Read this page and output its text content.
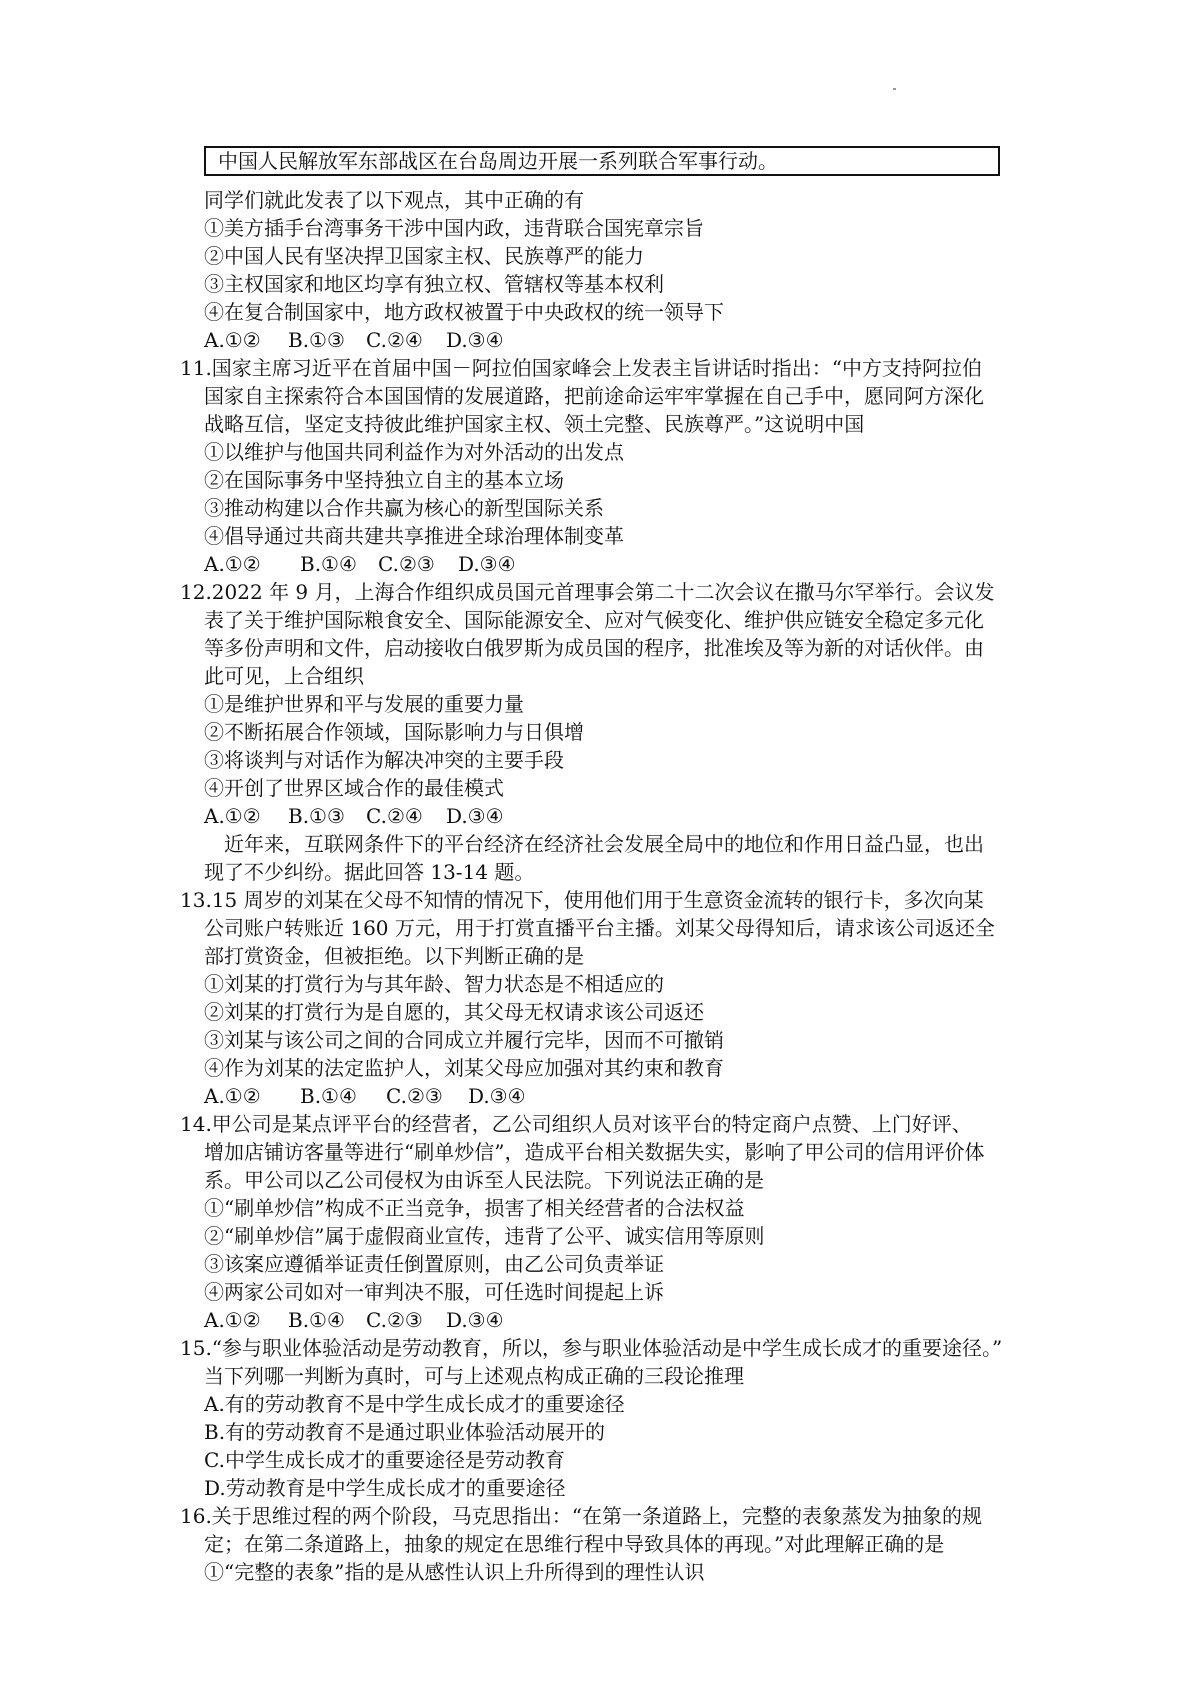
中国人民解放军东部战区在台岛周边开展一系列联合军事行动。
同学们就此发表了以下观点，其中正确的有
①美方插手台湾事务干涉中国内政，违背联合国宪章宗旨
②中国人民有坚决捍卫国家主权、民族尊严的能力
③主权国家和地区均享有独立权、管辖权等基本权利
④在复合制国家中，地方政权被置于中央政权的统一领导下
A.①② B.①③ C.②④ D.③④
11.国家主席习近平在首届中国－阿拉伯国家峰会上发表主旨讲话时指出：“中方支持阿拉伯
国家自主探索符合本国国情的发展道路，把前途命运牢牢掌握在自己手中，愿同阿方深化
战略互信，坚定支持彼此维护国家主权、领土完整、民族尊严。”这说明中国
①以维护与他国共同利益作为对外活动的出发点
②在国际事务中坚持独立自主的基本立场
③推动构建以合作共赢为核心的新型国际关系
④倡导通过共商共建共享推进全球治理体制变革
A.①② B.①④ C.②③ D.③④
12.2022 年 9 月，上海合作组织成员国元首理事会第二十二次会议在撒马尔罕举行。会议发
表了关于维护国际粮食安全、国际能源安全、应对气候变化、维护供应链安全稳定多元化
等多份声明和文件，启动接收白俄罗斯为成员国的程序，批准埃及等为新的对话伙伴。由
此可见，上合组织
①是维护世界和平与发展的重要力量
②不断拓展合作领域，国际影响力与日俱增
③将谈判与对话作为解决冲突的主要手段
④开创了世界区域合作的最佳模式
A.①② B.①③ C.②④ D.③④
近年来，互联网条件下的平台经济在经济社会发展全局中的地位和作用日益凸显，也出
现了不少纠纷。据此回答 13-14 题。
13.15 周岁的刘某在父母不知情的情况下，使用他们用于生意资金流转的银行卡，多次向某
公司账户转账近 160 万元，用于打赏直播平台主播。刘某父母得知后，请求该公司返还全
部打赏资金，但被拒绝。以下判断正确的是
①刘某的打赏行为与其年龄、智力状态是不相适应的
②刘某的打赏行为是自愿的，其父母无权请求该公司返还
③刘某与该公司之间的合同成立并履行完毕，因而不可撤销
④作为刘某的法定监护人，刘某父母应加强对其约束和教育
A.①② B.①④ C.②③ D.③④
14.甲公司是某点评平台的经营者，乙公司组织人员对该平台的特定商户点赞、上门好评、
增加店铺访客量等进行“刷单炒信”，造成平台相关数据失实，影响了甲公司的信用评价体
系。甲公司以乙公司侵权为由诉至人民法院。下列说法正确的是
①“刷单炒信”构成不正当竞争，损害了相关经营者的合法权益
②“刷单炒信”属于虚假商业宣传，违背了公平、诚实信用等原则
③该案应遵循举证责任倒置原则，由乙公司负责举证
④两家公司如对一审判决不服，可任选时间提起上诉
A.①② B.①④ C.②③ D.③④
15.“参与职业体验活动是劳动教育，所以，参与职业体验活动是中学生成长成才的重要途径。”
当下列哪一判断为真时，可与上述观点构成正确的三段论推理
A.有的劳动教育不是中学生成长成才的重要途径
B.有的劳动教育不是通过职业体验活动展开的
C.中学生成长成才的重要途径是劳动教育
D.劳动教育是中学生成长成才的重要途径
16.关于思维过程的两个阶段，马克思指出：“在第一条道路上，完整的表象蒸发为抽象的规
定；在第二条道路上，抽象的规定在思维行程中导致具体的再现。”对此理解正确的是
①“完整的表象”指的是从感性认识上升所得到的理性认识
